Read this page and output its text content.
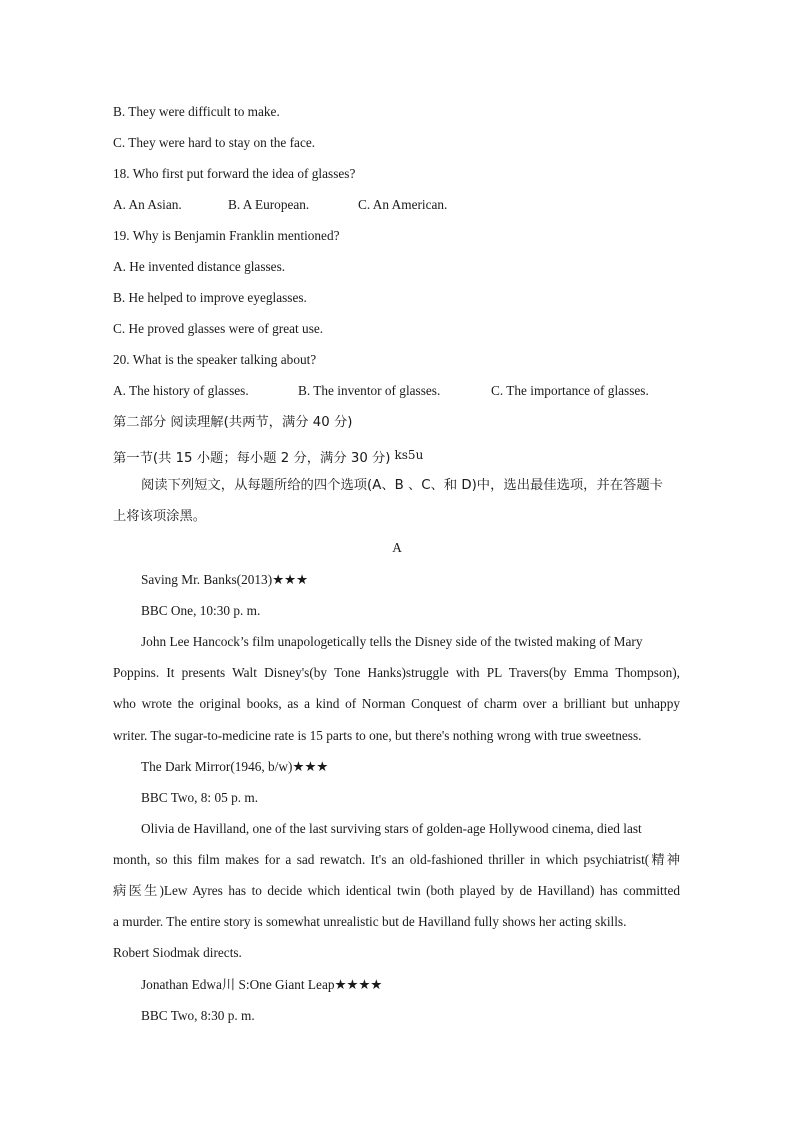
B. They were difficult to make.
C. They were hard to stay on the face.
18. Who first put forward the idea of glasses?
A. An Asian.	B. A European.	C. An American.
19. Why is Benjamin Franklin mentioned?
A. He invented distance glasses.
B. He helped to improve eyeglasses.
C. He proved glasses were of great use.
20. What is the speaker talking about?
A. The history of glasses.	B. The inventor of glasses.	C. The importance of glasses.
第二部分 阅读理解(共两节，满分 40 分)
第一节(共 15 小题；每小题 2 分，满分 30 分) ks5u
阅读下列短文，从每题所给的四个选项(A、B 、C、和 D)中，选出最佳选项，并在答题卡
上将该项涂黑。
A
Saving Mr. Banks(2013)★★★
BBC One, 10:30 p. m.
John Lee Hancock’s film unapologetically tells the Disney side of the twisted making of Mary
Poppins. It presents Walt Disney's(by Tone Hanks)struggle with PL Travers(by Emma Thompson),
who wrote the original books, as a kind of Norman Conquest of charm over a brilliant but unhappy
writer. The sugar-to-medicine rate is 15 parts to one, but there's nothing wrong with true sweetness.
The Dark Mirror(1946, b/w)★★★
BBC Two, 8: 05 p. m.
Olivia de Havilland, one of the last surviving stars of golden-age Hollywood cinema, died last
month, so this film makes for a sad rewatch. It's an old-fashioned thriller in which psychiatrist(精神
病医生)Lew Ayres has to decide which identical twin (both played by de Havilland) has committed
a murder. The entire story is somewhat unrealistic but de Havilland fully shows her acting skills.
Robert Siodmak directs.
Jonathan Edwa川 S:One Giant Leap★★★★
BBC Two, 8:30 p. m.
